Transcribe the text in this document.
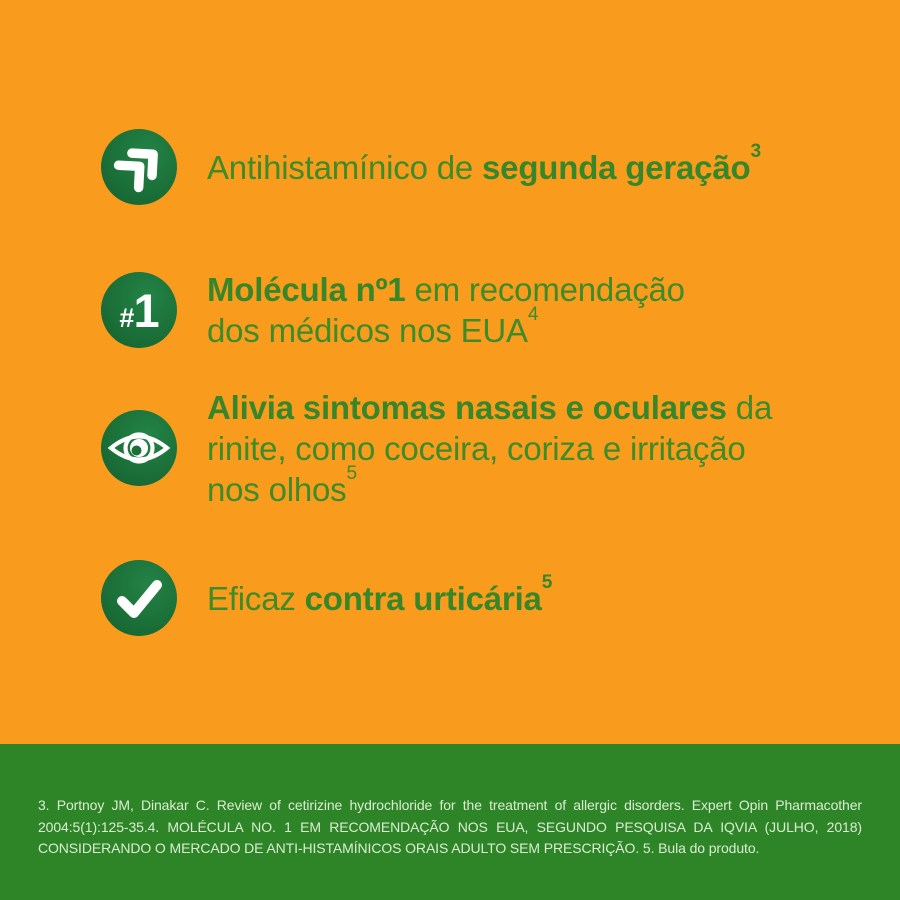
Antihistamínico de segunda geração$^3$

# 1 Molécula nº1 em recomendação

dos médicos nos EUA$^4$

Alivia sintomas nasais e oculares da

rinite, como coceira, coriza e irritação

nos olhos$^5$

Eficaz contra urticária$^5$

3. Portnoy JM, Dinakar C. Review of cetirizine hydrochloride for the treatment of allergic disorders. Expert Opin Pharmacother

2004:5(1):125-35.4. MOLÉCULA NO. 1 EM RECOMENDAÇÃO NOS EUA, SEGUNDO PESQUISA DA IQVIA (JULHO, 2018)

CONSIDERANDO O MERCADO DE ANTI-HISTAMÍNICOS ORAIS ADULTO SEM PRESCRIÇÃO. 5. Bula do produto.
